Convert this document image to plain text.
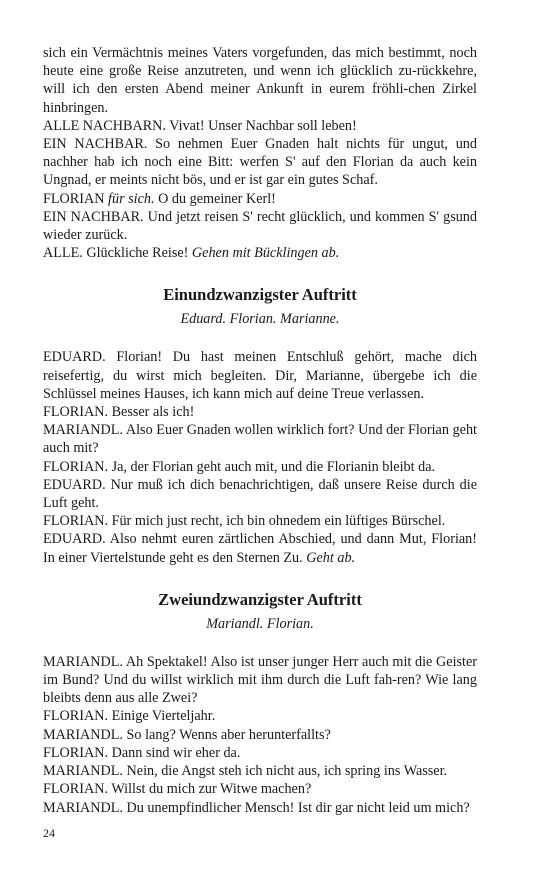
sich ein Vermächtnis meines Vaters vorgefunden, das mich bestimmt, noch heute eine große Reise anzutreten, und wenn ich glücklich zu-rückkehre, will ich den ersten Abend meiner Ankunft in eurem fröhli-chen Zirkel hinbringen.

ALLE NACHBARN. Vivat! Unser Nachbar soll leben!

EIN NACHBAR. So nehmen Euer Gnaden halt nichts für ungut, und nachher hab ich noch eine Bitt: werfen S' auf den Florian da auch kein Ungnad, er meints nicht bös, und er ist gar ein gutes Schaf.

FLORIAN für sich. O du gemeiner Kerl!

EIN NACHBAR. Und jetzt reisen S' recht glücklich, und kommen S' gsund wieder zurück.

ALLE. Glückliche Reise! Gehen mit Bücklingen ab.

Einundzwanzigster Auftritt
Eduard. Florian. Marianne.

EDUARD. Florian! Du hast meinen Entschluß gehört, mache dich reisefertig, du wirst mich begleiten. Dir, Marianne, übergebe ich die Schlüssel meines Hauses, ich kann mich auf deine Treue verlassen.

FLORIAN. Besser als ich!

MARIANDL. Also Euer Gnaden wollen wirklich fort? Und der Florian geht auch mit?

FLORIAN. Ja, der Florian geht auch mit, und die Florianin bleibt da.

EDUARD. Nur muß ich dich benachrichtigen, daß unsere Reise durch die Luft geht.

FLORIAN. Für mich just recht, ich bin ohnedem ein lüftiges Bürschel.

EDUARD. Also nehmt euren zärtlichen Abschied, und dann Mut, Florian! In einer Viertelstunde geht es den Sternen Zu. Geht ab.

Zweiundzwanzigster Auftritt
Mariandl. Florian.

MARIANDL. Ah Spektakel! Also ist unser junger Herr auch mit die Geister im Bund? Und du willst wirklich mit ihm durch die Luft fah-ren? Wie lang bleibts denn aus alle Zwei?

FLORIAN. Einige Vierteljahr.

MARIANDL. So lang? Wenns aber herunterfallts?

FLORIAN. Dann sind wir eher da.

MARIANDL. Nein, die Angst steh ich nicht aus, ich spring ins Wasser.

FLORIAN. Willst du mich zur Witwe machen?

MARIANDL. Du unempfindlicher Mensch! Ist dir gar nicht leid um mich?

24
